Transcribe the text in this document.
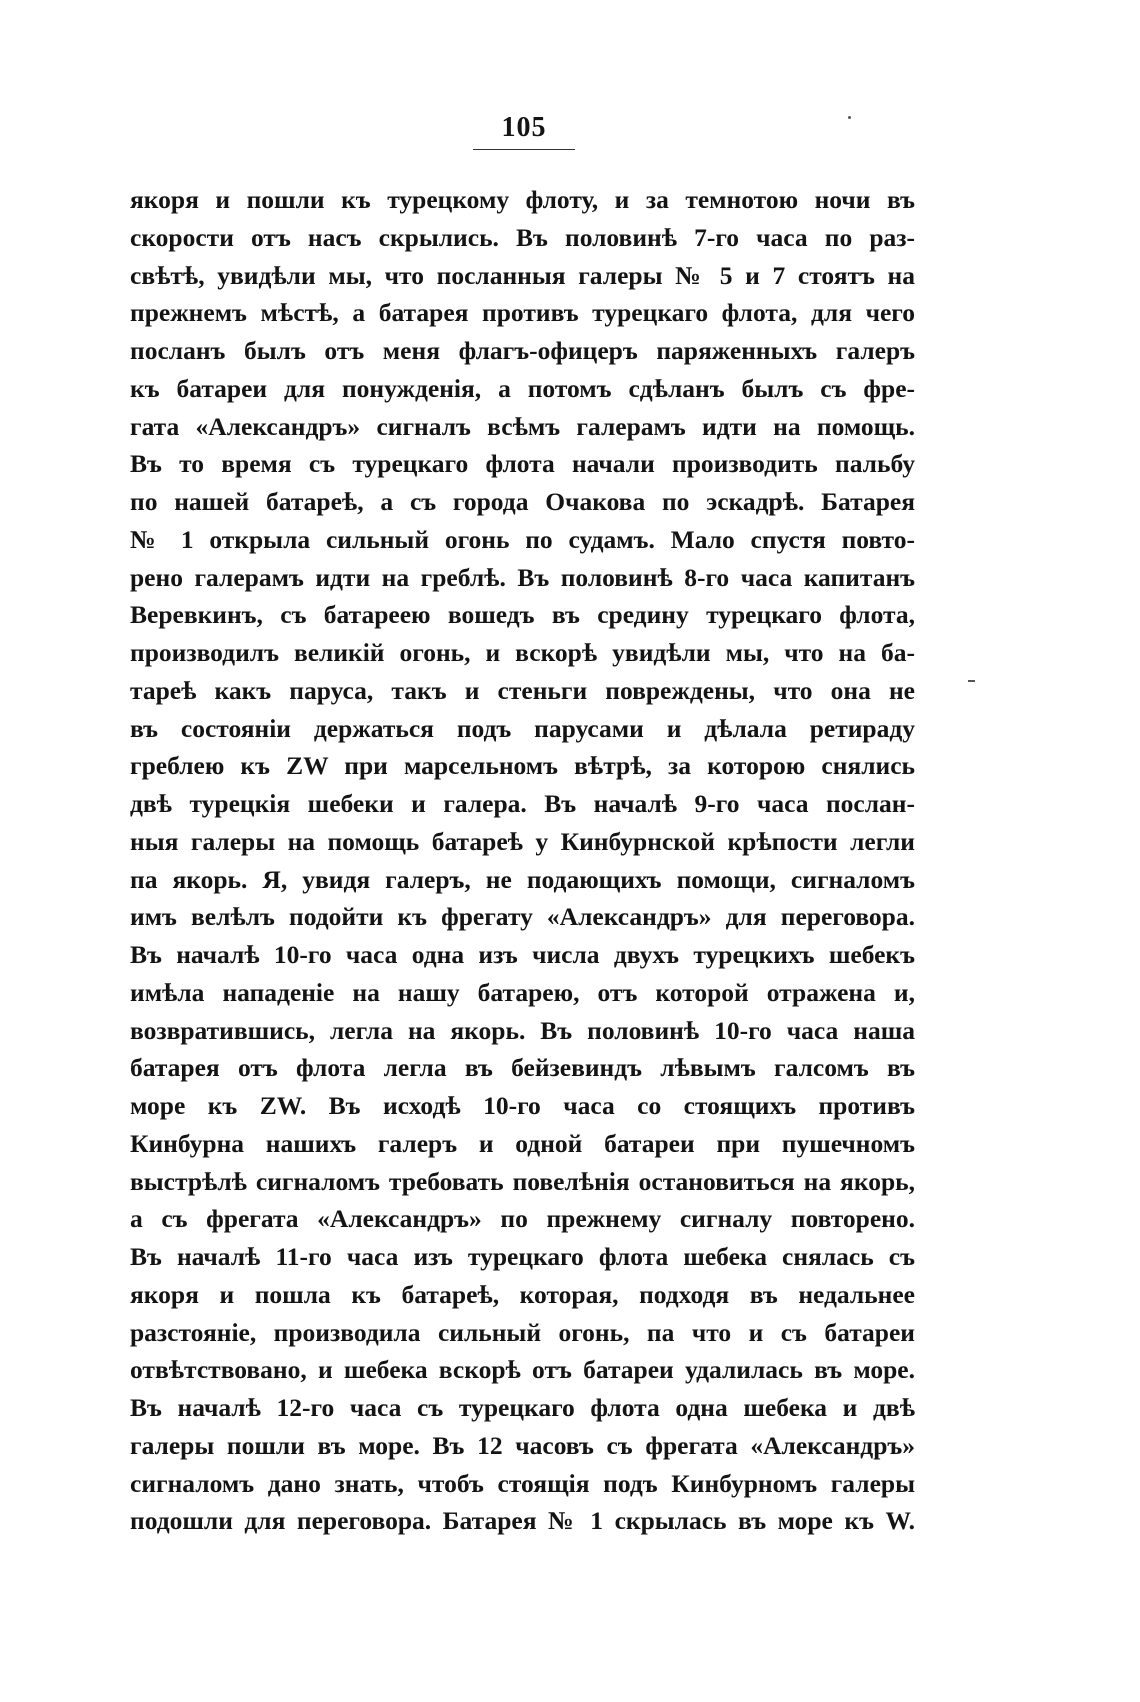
105
якоря и пошли къ турецкому флоту, и за темнотою ночи въ
скорости отъ насъ скрылись. Въ половинѣ 7-го часа по раз-
свѣтѣ, увидѣли мы, что посланныя галеры № 5 и 7 стоятъ на
прежнемъ мѣстѣ, а батарея противъ турецкаго флота, для чего
посланъ былъ отъ меня флагъ-офицеръ паряженныхъ галеръ
къ батареи для понужденія, а потомъ сдѣланъ былъ съ фре-
гата «Александръ» сигналъ всѣмъ галерамъ идти на помощь.
Въ то время съ турецкаго флота начали производить пальбу
по нашей батареѣ, а съ города Очакова по эскадрѣ. Батарея
№ 1 открыла сильный огонь по судамъ. Мало спустя повто-
рено галерамъ идти на греблѣ. Въ половинѣ 8-го часа капитанъ
Веревкинъ, съ батареею вошедъ въ средину турецкаго флота,
производилъ великій огонь, и вскорѣ увидѣли мы, что на ба-
тареѣ какъ паруса, такъ и стеньги повреждены, что она не
въ состояніи держаться подъ парусами и дѣлала ретираду
греблею къ ZW при марсельномъ вѣтрѣ, за которою снялись
двѣ турецкія шебеки и галера. Въ началѣ 9-го часа послан-
ныя галеры на помощь батареѣ у Кинбурнской крѣпости легли
па якорь. Я, увидя галеръ, не подающихъ помощи, сигналомъ
имъ велѣлъ подойти къ фрегату «Александръ» для переговора.
Въ началѣ 10-го часа одна изъ числа двухъ турецкихъ шебекъ
имѣла нападеніе на нашу батарею, отъ которой отражена и,
возвратившись, легла на якорь. Въ половинѣ 10-го часа наша
батарея отъ флота легла въ бейзевиндъ лѣвымъ галсомъ въ
море къ ZW. Въ исходѣ 10-го часа со стоящихъ противъ
Кинбурна нашихъ галеръ и одной батареи при пушечномъ
выстрѣлѣ сигналомъ требовать повелѣнія остановиться на якорь,
а съ фрегата «Александръ» по прежнему сигналу повторено.
Въ началѣ 11-го часа изъ турецкаго флота шебека снялась съ
якоря и пошла къ батареѣ, которая, подходя въ недальнее
разстояніе, производила сильный огонь, па что и съ батареи
отвѣтствовано, и шебека вскорѣ отъ батареи удалилась въ море.
Въ началѣ 12-го часа съ турецкаго флота одна шебека и двѣ
галеры пошли въ море. Въ 12 часовъ съ фрегата «Александръ»
сигналомъ дано знать, чтобъ стоящія подъ Кинбурномъ галеры
подошли для переговора. Батарея № 1 скрылась въ море къ W.
